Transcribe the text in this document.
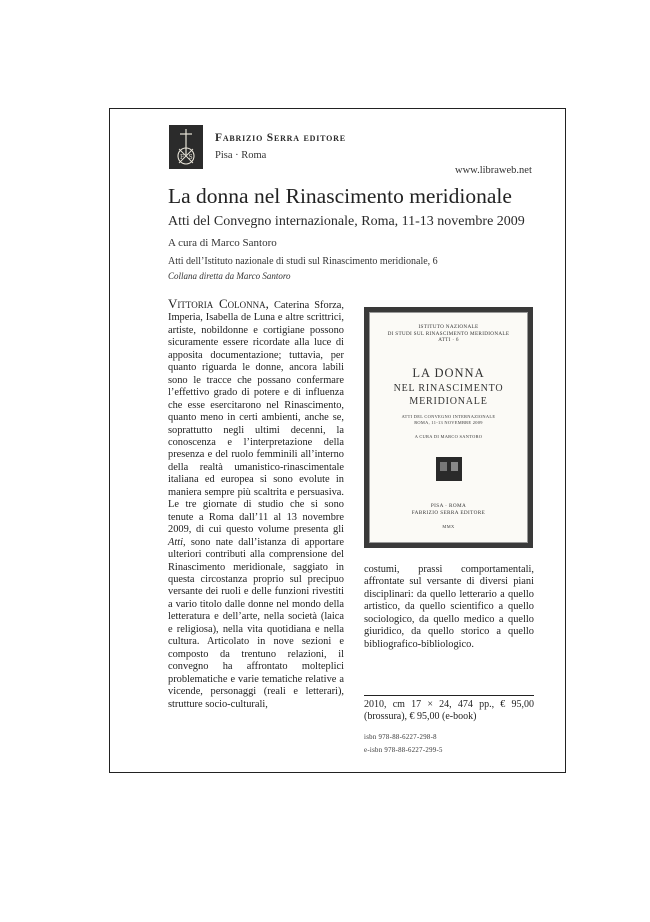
F S
Fabrizio Serra editore
Pisa · Roma
www.libraweb.net
La donna nel Rinascimento meridionale
Atti del Convegno internazionale, Roma, 11-13 novembre 2009
A cura di Marco Santoro
Atti dell’Istituto nazionale di studi sul Rinascimento meridionale, 6
Collana diretta da Marco Santoro
Vittoria Colonna, Caterina Sforza, Imperia, Isabella de Luna e altre scrittrici, artiste, nobildonne e cortigiane possono sicuramente essere ricordate alla luce di apposita documentazione; tuttavia, per quanto riguarda le donne, ancora labili sono le tracce che possano confermare l’effettivo grado di potere e di influenza che esse esercitarono nel Rinascimento, quanto meno in certi ambienti, anche se, soprattutto negli ultimi decenni, la conoscenza e l’interpretazione della presenza e del ruolo femminili all’interno della realtà umanistico-rinascimentale italiana ed europea si sono evolute in maniera sempre più scaltrita e persuasiva. Le tre giornate di studio che si sono tenute a Roma dall’11 al 13 novembre 2009, di cui questo volume presenta gli Atti, sono nate dall’istanza di apportare ulteriori contributi alla comprensione del Rinascimento meridionale, saggiato in questa circostanza proprio sul precipuo versante dei ruoli e delle funzioni rivestiti a vario titolo dalle donne nel mondo della letteratura e dell’arte, nella società (laica e religiosa), nella vita quotidiana e nella cultura. Articolato in nove sezioni e composto da trentuno relazioni, il convegno ha affrontato molteplici problematiche e varie tematiche relative a vicende, personaggi (reali e letterari), strutture socio-culturali,
ISTITUTO NAZIONALE
DI STUDI SUL RINASCIMENTO MERIDIONALE
ATTI · 6
LA DONNA
NEL RINASCIMENTO
MERIDIONALE
ATTI DEL CONVEGNO INTERNAZIONALE
ROMA, 11-13 NOVEMBRE 2009
A CURA DI MARCO SANTORO
PISA · ROMA
FABRIZIO SERRA EDITORE
MMX
costumi, prassi comportamentali, affrontate sul versante di diversi piani disciplinari: da quello letterario a quello artistico, da quello scientifico a quello sociologico, da quello medico a quello giuridico, da quello storico a quello bibliografico-bibliologico.
2010, cm 17 × 24, 474 pp., € 95,00 (brossura), € 95,00 (e-book)
isbn 978-88-6227-298-8
e-isbn 978-88-6227-299-5
